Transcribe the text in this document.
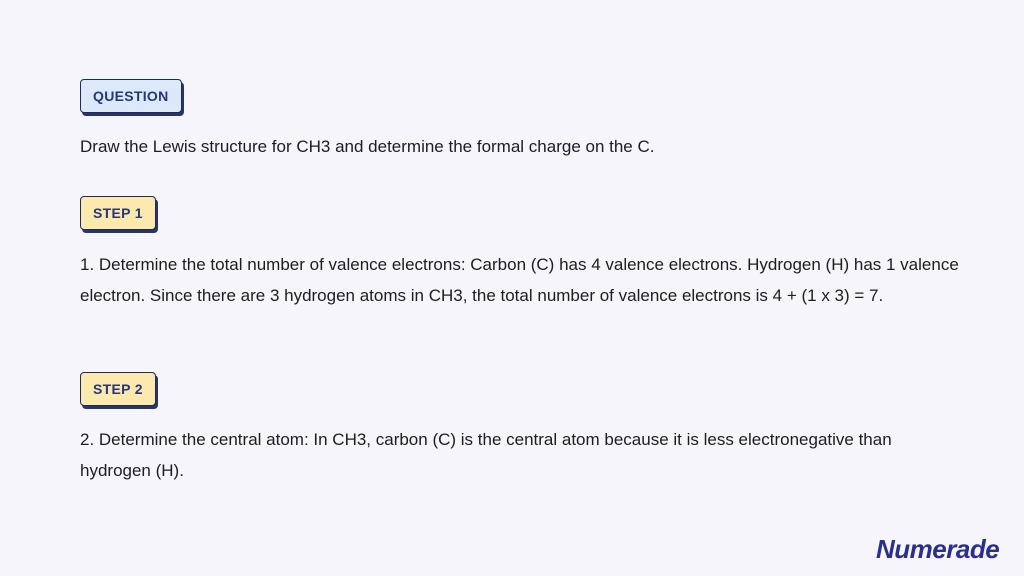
QUESTION

Draw the Lewis structure for CH3 and determine the formal charge on the C.

STEP 1

1. Determine the total number of valence electrons: Carbon (C) has 4 valence electrons. Hydrogen (H) has 1 valence electron. Since there are 3 hydrogen atoms in CH3, the total number of valence electrons is 4 + (1 x 3) = 7.

STEP 2

2. Determine the central atom: In CH3, carbon (C) is the central atom because it is less electronegative than hydrogen (H).

Numerade
